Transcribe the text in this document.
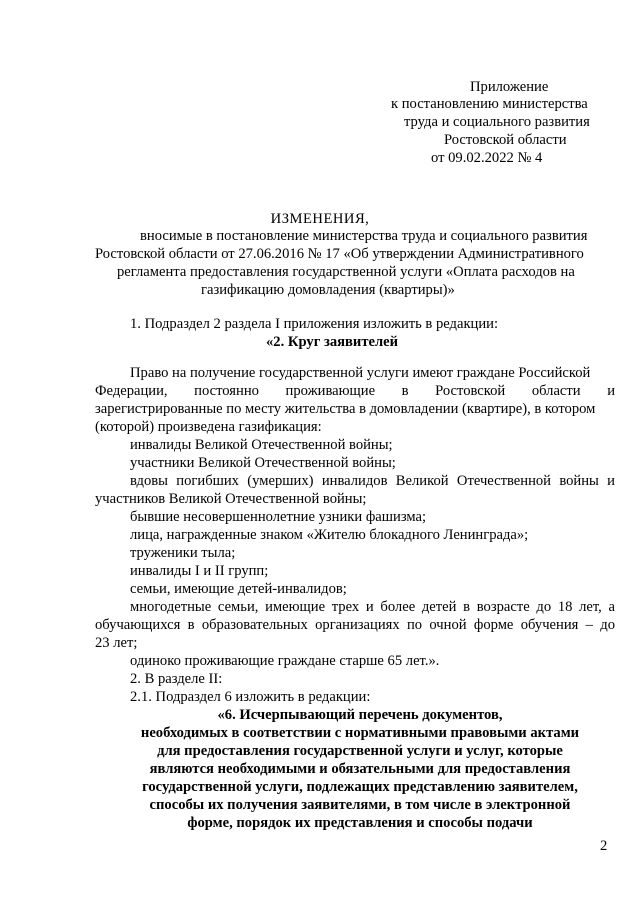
Приложение
к постановлению министерства
труда и социального развития
Ростовской области
от 09.02.2022 № 4
ИЗМЕНЕНИЯ,
вносимые в постановление министерства труда и социального развития
Ростовской области от 27.06.2016 № 17 «Об утверждении Административного
регламента предоставления государственной услуги «Оплата расходов на
газификацию домовладения (квартиры)»
1. Подраздел 2 раздела I приложения изложить в редакции:
«2. Круг заявителей
Право на получение государственной услуги имеют граждане Российской
Федерации, постоянно проживающие в Ростовской области и
зарегистрированные по месту жительства в домовладении (квартире), в котором
(которой) произведена газификация:
инвалиды Великой Отечественной войны;
участники Великой Отечественной войны;
вдовы погибших (умерших) инвалидов Великой Отечественной войны и
участников Великой Отечественной войны;
бывшие несовершеннолетние узники фашизма;
лица, награжденные знаком «Жителю блокадного Ленинграда»;
труженики тыла;
инвалиды I и II групп;
семьи, имеющие детей-инвалидов;
многодетные семьи, имеющие трех и более детей в возрасте до 18 лет, а
обучающихся в образовательных организациях по очной форме обучения – до
23 лет;
одиноко проживающие граждане старше 65 лет.».
2. В разделе II:
2.1. Подраздел 6 изложить в редакции:
«6. Исчерпывающий перечень документов,
необходимых в соответствии с нормативными правовыми актами
для предоставления государственной услуги и услуг, которые
являются необходимыми и обязательными для предоставления
государственной услуги, подлежащих представлению заявителем,
способы их получения заявителями, в том числе в электронной
форме, порядок их представления и способы подачи
2
